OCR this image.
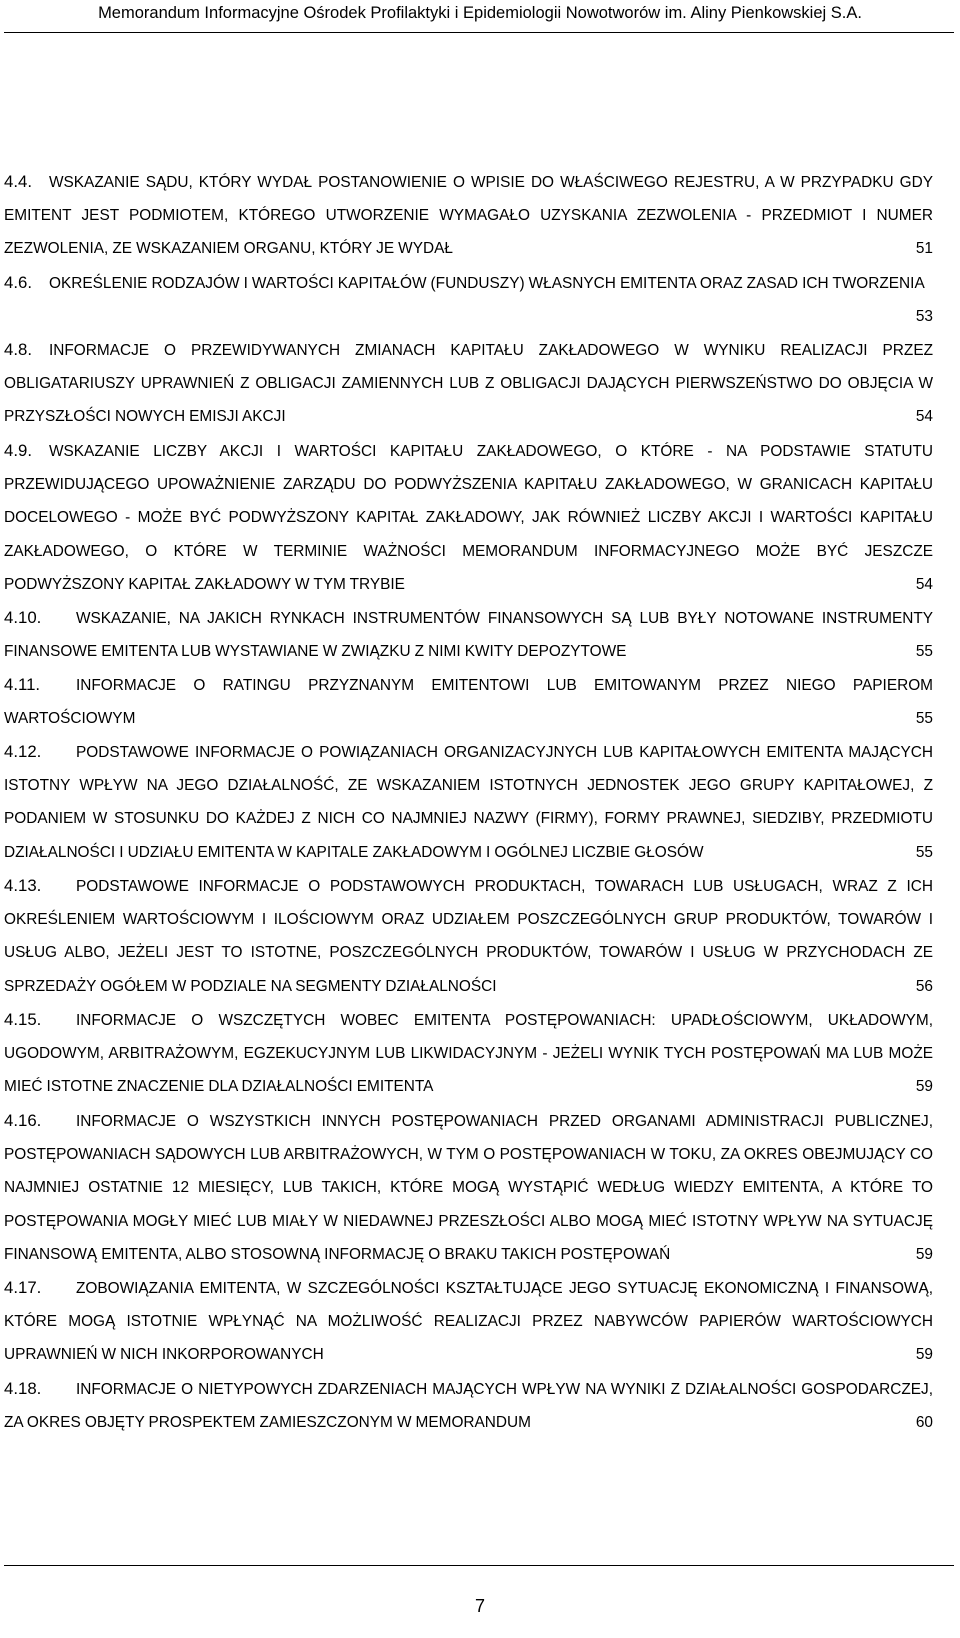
Memorandum Informacyjne Ośrodek Profilaktyki i Epidemiologii Nowotworów im. Aliny Pienkowskiej S.A.
4.4. WSKAZANIE SĄDU, KTÓRY WYDAŁ POSTANOWIENIE O WPISIE DO WŁAŚCIWEGO REJESTRU, A W PRZYPADKU GDY EMITENT JEST PODMIOTEM, KTÓREGO UTWORZENIE WYMAGAŁO UZYSKANIA ZEZWOLENIA - PRZEDMIOT I NUMER ZEZWOLENIA, ZE WSKAZANIEM ORGANU, KTÓRY JE WYDAŁ	51
4.6. OKREŚLENIE RODZAJÓW I WARTOŚCI KAPITAŁÓW (FUNDUSZY) WŁASNYCH EMITENTA ORAZ ZASAD ICH TWORZENIA
53
4.8. INFORMACJE O PRZEWIDYWANYCH ZMIANACH KAPITAŁU ZAKŁADOWEGO W WYNIKU REALIZACJI PRZEZ OBLIGATARIUSZY UPRAWNIEŃ Z OBLIGACJI ZAMIENNYCH LUB Z OBLIGACJI DAJĄCYCH PIERWSZEŃSTWO DO OBJĘCIA W PRZYSZŁOŚCI NOWYCH EMISJI AKCJI	54
4.9. WSKAZANIE LICZBY AKCJI I WARTOŚCI KAPITAŁU ZAKŁADOWEGO, O KTÓRE - NA PODSTAWIE STATUTU PRZEWIDUJĄCEGO UPOWAŻNIENIE ZARZĄDU DO PODWYŻSZENIA KAPITAŁU ZAKŁADOWEGO, W GRANICACH KAPITAŁU DOCELOWEGO - MOŻE BYĆ PODWYŻSZONY KAPITAŁ ZAKŁADOWY, JAK RÓWNIEŻ LICZBY AKCJI I WARTOŚCI KAPITAŁU ZAKŁADOWEGO, O KTÓRE W TERMINIE WAŻNOŚCI MEMORANDUM INFORMACYJNEGO MOŻE BYĆ JESZCZE PODWYŻSZONY KAPITAŁ ZAKŁADOWY W TYM TRYBIE	54
4.10. WSKAZANIE, NA JAKICH RYNKACH INSTRUMENTÓW FINANSOWYCH SĄ LUB BYŁY NOTOWANE INSTRUMENTY FINANSOWE EMITENTA LUB WYSTAWIANE W ZWIĄZKU Z NIMI KWITY DEPOZYTOWE	55
4.11. INFORMACJE O RATINGU PRZYZNANYM EMITENTOWI LUB EMITOWANYM PRZEZ NIEGO PAPIEROM WARTOŚCIOWYM	55
4.12. PODSTAWOWE INFORMACJE O POWIĄZANIACH ORGANIZACYJNYCH LUB KAPITAŁOWYCH EMITENTA MAJĄCYCH ISTOTNY WPŁYW NA JEGO DZIAŁALNOŚĆ, ZE WSKAZANIEM ISTOTNYCH JEDNOSTEK JEGO GRUPY KAPITAŁOWEJ, Z PODANIEM W STOSUNKU DO KAŻDEJ Z NICH CO NAJMNIEJ NAZWY (FIRMY), FORMY PRAWNEJ, SIEDZIBY, PRZEDMIOTU DZIAŁALNOŚCI I UDZIAŁU EMITENTA W KAPITALE ZAKŁADOWYM I OGÓLNEJ LICZBIE GŁOSÓW	55
4.13. PODSTAWOWE INFORMACJE O PODSTAWOWYCH PRODUKTACH, TOWARACH LUB USŁUGACH, WRAZ Z ICH OKREŚLENIEM WARTOŚCIOWYM I ILOŚCIOWYM ORAZ UDZIAŁEM POSZCZEGÓLNYCH GRUP PRODUKTÓW, TOWARÓW I USŁUG ALBO, JEŻELI JEST TO ISTOTNE, POSZCZEGÓLNYCH PRODUKTÓW, TOWARÓW I USŁUG W PRZYCHODACH ZE SPRZEDAŻY OGÓŁEM W PODZIALE NA SEGMENTY DZIAŁALNOŚCI	56
4.15. INFORMACJE O WSZCZĘTYCH WOBEC EMITENTA POSTĘPOWANIACH: UPADŁOŚCIOWYM, UKŁADOWYM, UGODOWYM, ARBITRAŻOWYM, EGZEKUCYJNYM LUB LIKWIDACYJNYM - JEŻELI WYNIK TYCH POSTĘPOWAŃ MA LUB MOŻE MIEĆ ISTOTNE ZNACZENIE DLA DZIAŁALNOŚCI EMITENTA	59
4.16. INFORMACJE O WSZYSTKICH INNYCH POSTĘPOWANIACH PRZED ORGANAMI ADMINISTRACJI PUBLICZNEJ, POSTĘPOWANIACH SĄDOWYCH LUB ARBITRAŻOWYCH, W TYM O POSTĘPOWANIACH W TOKU, ZA OKRES OBEJMUJĄCY CO NAJMNIEJ OSTATNIE 12 MIESIĘCY, LUB TAKICH, KTÓRE MOGĄ WYSTĄPIĆ WEDŁUG WIEDZY EMITENTA, A KTÓRE TO POSTĘPOWANIA MOGŁY MIEĆ LUB MIAŁY W NIEDAWNEJ PRZESZŁOŚCI ALBO MOGĄ MIEĆ ISTOTNY WPŁYW NA SYTUACJĘ FINANSOWĄ EMITENTA, ALBO STOSOWNĄ INFORMACJĘ O BRAKU TAKICH POSTĘPOWAŃ	59
4.17. ZOBOWIĄZANIA EMITENTA, W SZCZEGÓLNOŚCI KSZTAŁTUJĄCE JEGO SYTUACJĘ EKONOMICZNĄ I FINANSOWĄ, KTÓRE MOGĄ ISTOTNIE WPŁYNĄĆ NA MOŻLIWOŚĆ REALIZACJI PRZEZ NABYWCÓW PAPIERÓW WARTOŚCIOWYCH UPRAWNIEŃ W NICH INKORPOROWANYCH	59
7
4.18. INFORMACJE O NIETYPOWYCH ZDARZENIACH MAJĄCYCH WPŁYW NA WYNIKI Z DZIAŁALNOŚCI GOSPODARCZEJ, ZA OKRES OBJĘTY PROSPEKTEM ZAMIESZCZONYM W MEMORANDUM	60
